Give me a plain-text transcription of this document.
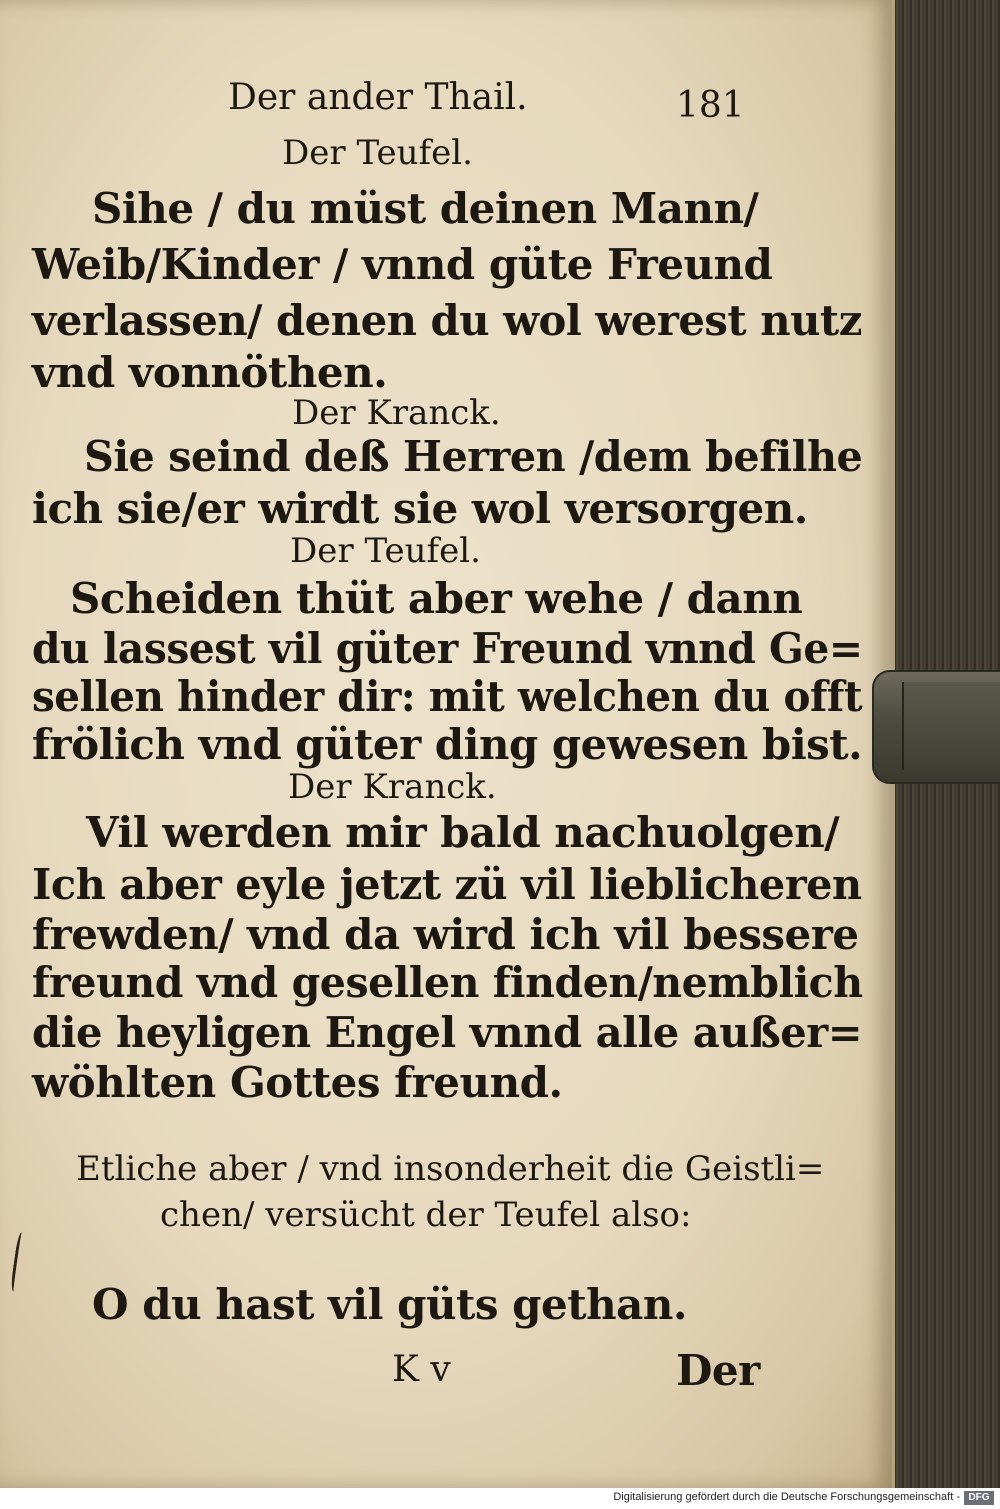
Der ander Thail.	181

Der Teufel.

Sihe / du müst deinen Mann/

Weib/Kinder / vnnd güte Freund

verlassen/ denen du wol werest nutz

vnd vonnöthen.

Der Kranck.

Sie seind deß Herren /dem befilhe

ich sie/er wirdt sie wol versorgen.

Der Teufel.

Scheiden thüt aber wehe / dann

du lassest vil güter Freund vnnd Ge=

sellen hinder dir: mit welchen du offt

frölich vnd güter ding gewesen bist.

Der Kranck.

Vil werden mir bald nachuolgen/

Ich aber eyle jetzt zü vil lieblicheren

frewden/ vnd da wird ich vil bessere

freund vnd gesellen finden/nemblich

die heyligen Engel vnnd alle außer=

wöhlten Gottes freund.

Etliche aber / vnd insonderheit die Geistli=

chen/ versücht der Teufel also:

O du hast vil güts gethan.

K v	Der

Digitalisierung gefördert durch die Deutsche Forschungsgemeinschaft - DFG
